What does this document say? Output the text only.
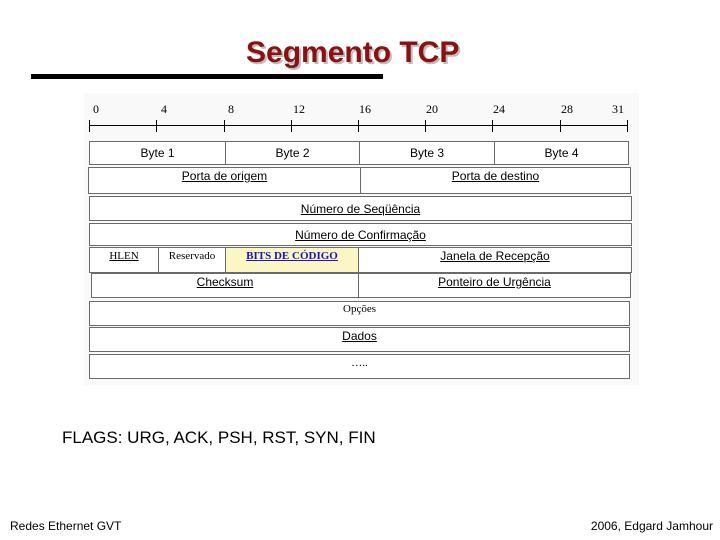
Segmento TCP
0	4	8	12	16	20	24	28	31
Byte 1	Byte 2	Byte 3	Byte 4
Porta de origem	Porta de destino
Número de Seqüência
Número de Confirmação
HLEN	Reservado	BITS DE CÓDIGO	Janela de Recepção
Checksum	Ponteiro de Urgência
Opções
Dados
…..
FLAGS: URG, ACK, PSH, RST, SYN, FIN
Redes Ethernet GVT	2006, Edgard Jamhour
